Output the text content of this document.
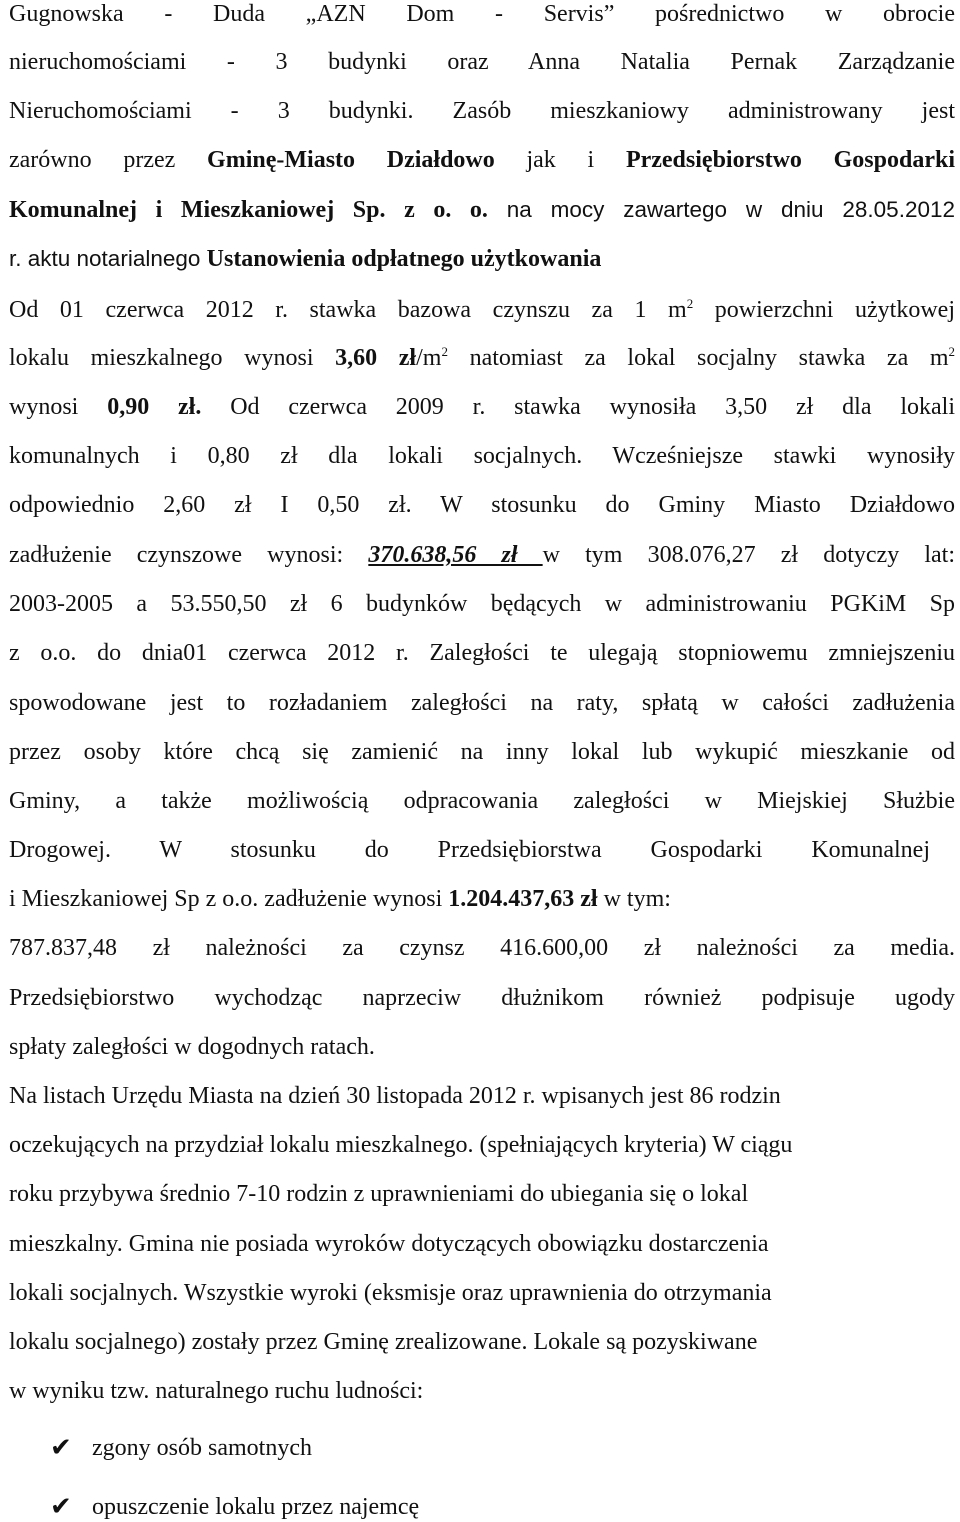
Gugnowska - Duda „AZN Dom - Servis” pośrednictwo w obrocie
nieruchomościami - 3 budynki oraz Anna Natalia Pernak Zarządzanie
Nieruchomościami - 3 budynki. Zasób mieszkaniowy administrowany jest
zarówno przez Gminę-Miasto Działdowo jak i Przedsiębiorstwo Gospodarki
Komunalnej i Mieszkaniowej Sp. z o. o. na mocy zawartego w dniu 28.05.2012
r. aktu notarialnego Ustanowienia odpłatnego użytkowania
Od 01 czerwca 2012 r. stawka bazowa czynszu za 1 $m^2$ powierzchni użytkowej
lokalu mieszkalnego wynosi 3,60 $zł/m^2$ natomiast za lokal socjalny stawka za $m^2$
wynosi 0,90 zł. Od czerwca 2009 r. stawka wynosiła 3,50 zł dla lokali
komunalnych i 0,80 zł dla lokali socjalnych. Wcześniejsze stawki wynosiły
odpowiednio 2,60 zł I 0,50 zł. W stosunku do Gminy Miasto Działdowo
zadłużenie czynszowe wynosi: 370.638,56 zł w tym 308.076,27 zł dotyczy lat:
2003-2005 a 53.550,50 zł 6 budynków będących w administrowaniu PGKiM Sp
z o.o. do dnia01 czerwca 2012 r. Zaległości te ulegają stopniowemu zmniejszeniu
spowodowane jest to rozładaniem zaległości na raty, spłatą w całości zadłużenia
przez osoby które chcą się zamienić na inny lokal lub wykupić mieszkanie od
Gminy, a także możliwością odpracowania zaległości w Miejskiej Służbie
Drogowej. W stosunku do Przedsiębiorstwa Gospodarki Komunalnej
i Mieszkaniowej Sp z o.o. zadłużenie wynosi 1.204.437,63 zł w tym:
787.837,48 zł należności za czynsz 416.600,00 zł należności za media.
Przedsiębiorstwo wychodząc naprzeciw dłużnikom również podpisuje ugody
spłaty zaległości w dogodnych ratach.
Na listach Urzędu Miasta na dzień 30 listopada 2012 r. wpisanych jest 86 rodzin
oczekujących na przydział lokalu mieszkalnego. (spełniających kryteria) W ciągu
roku przybywa średnio 7-10 rodzin z uprawnieniami do ubiegania się o lokal
mieszkalny. Gmina nie posiada wyroków dotyczących obowiązku dostarczenia
lokali socjalnych. Wszystkie wyroki (eksmisje oraz uprawnienia do otrzymania
lokalu socjalnego) zostały przez Gminę zrealizowane. Lokale są pozyskiwane
w wyniku tzw. naturalnego ruchu ludności:
✔ zgony osób samotnych
✔ opuszczenie lokalu przez najemcę
